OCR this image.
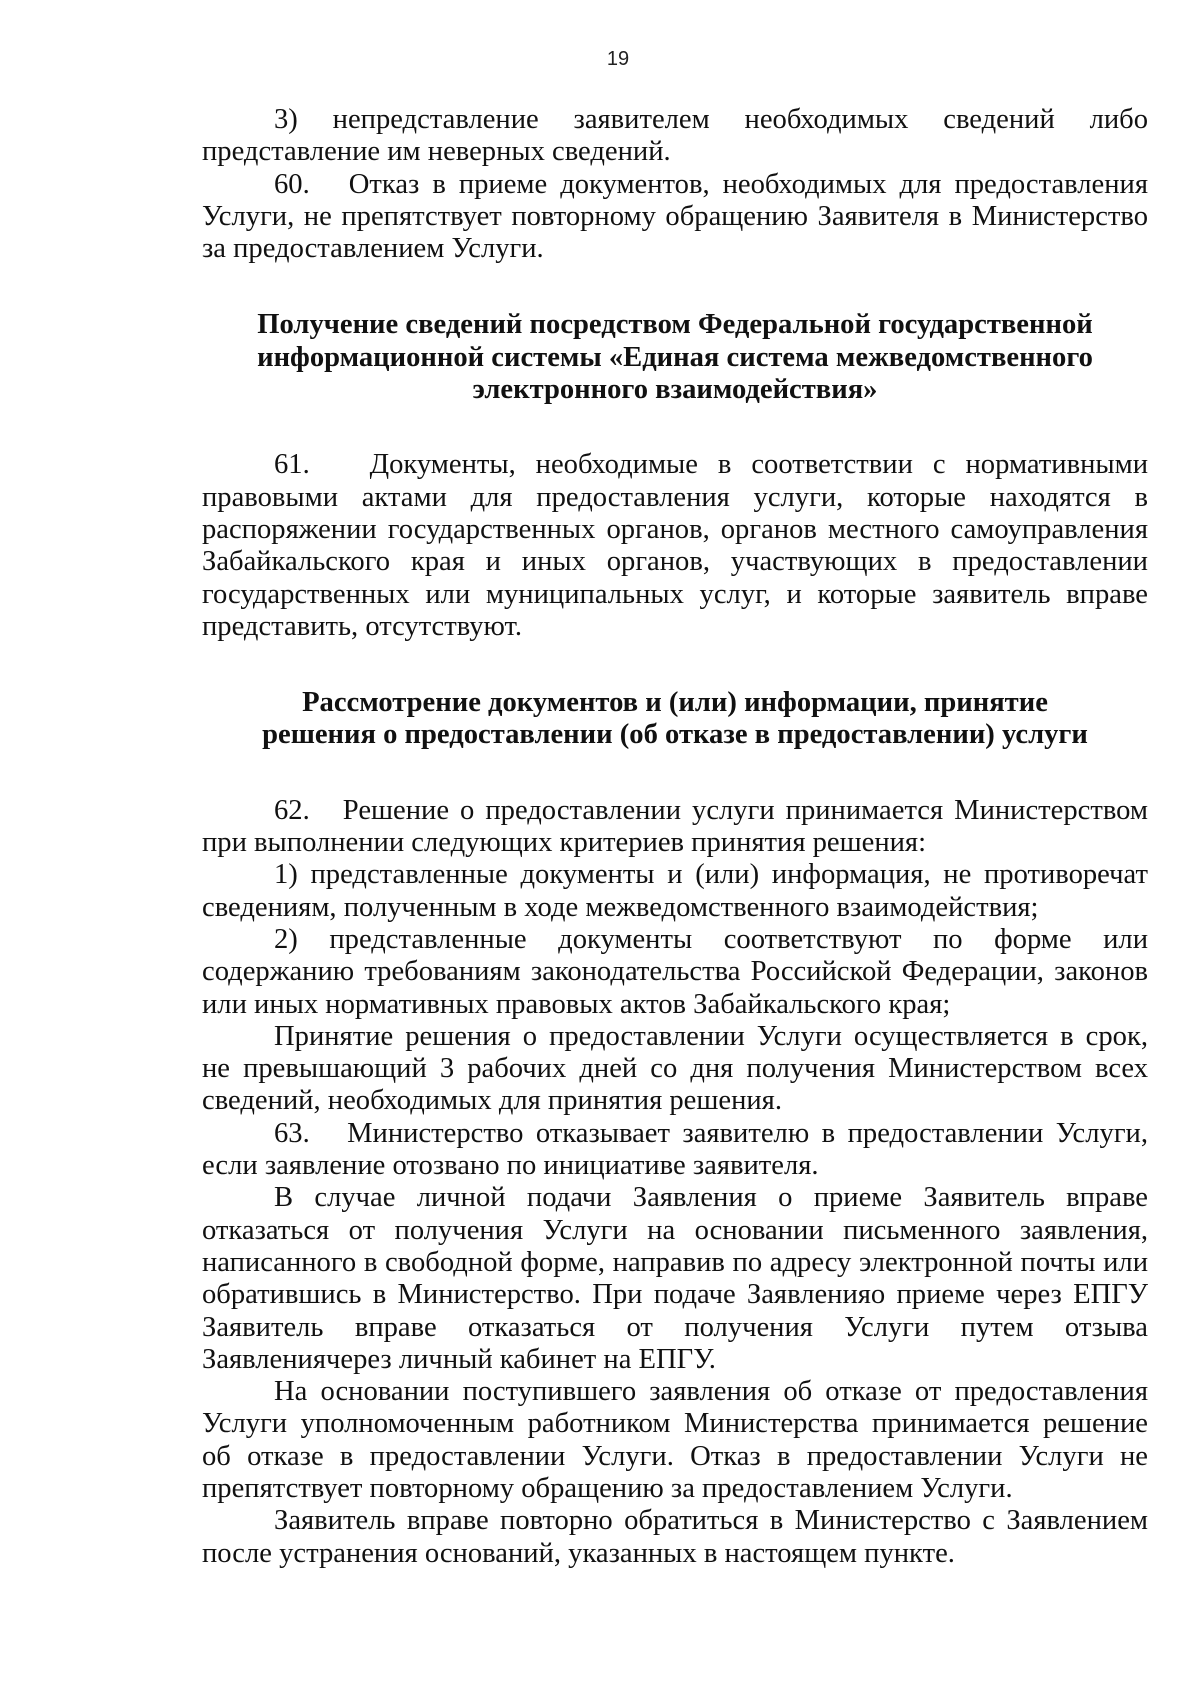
19

3)    непредставление    заявителем    необходимых    сведений    либо представление им неверных сведений.

60.   Отказ в приеме документов, необходимых для предоставления Услуги, не препятствует повторному обращению Заявителя в Министерство за предоставлением Услуги.

Получение сведений посредством Федеральной государственной информационной системы «Единая система межведомственного электронного взаимодействия»

61.   Документы, необходимые в соответствии с нормативными правовыми актами для предоставления услуги, которые находятся в распоряжении государственных органов, органов местного самоуправления Забайкальского края и иных органов, участвующих в предоставлении государственных или муниципальных услуг, и которые заявитель вправе представить, отсутствуют.

Рассмотрение документов и (или) информации, принятие решения о предоставлении (об отказе в предоставлении) услуги

62.   Решение о предоставлении услуги принимается Министерством при выполнении следующих критериев принятия решения:

1) представленные документы и (или) информация, не противоречат сведениям, полученным в ходе межведомственного взаимодействия;

2) представленные документы соответствуют по форме или содержанию требованиям законодательства Российской Федерации, законов или иных нормативных правовых актов Забайкальского края;

Принятие решения о предоставлении Услуги осуществляется в срок, не превышающий 3 рабочих дней со дня получения Министерством всех сведений, необходимых для принятия решения.

63.   Министерство отказывает заявителю в предоставлении Услуги, если заявление отозвано по инициативе заявителя.

В случае личной подачи Заявления о приеме Заявитель вправе отказаться от получения Услуги на основании письменного заявления, написанного в свободной форме, направив по адресу электронной почты или обратившись в Министерство. При подаче Заявленияо приеме через ЕПГУ Заявитель вправе отказаться от получения Услуги путем отзыва Заявлениячерез личный кабинет на ЕПГУ.

На основании поступившего заявления об отказе от предоставления Услуги уполномоченным работником Министерства принимается решение об отказе в предоставлении Услуги. Отказ в предоставлении Услуги не препятствует повторному обращению за предоставлением Услуги.

Заявитель вправе повторно обратиться в Министерство с Заявлением после устранения оснований, указанных в настоящем пункте.
